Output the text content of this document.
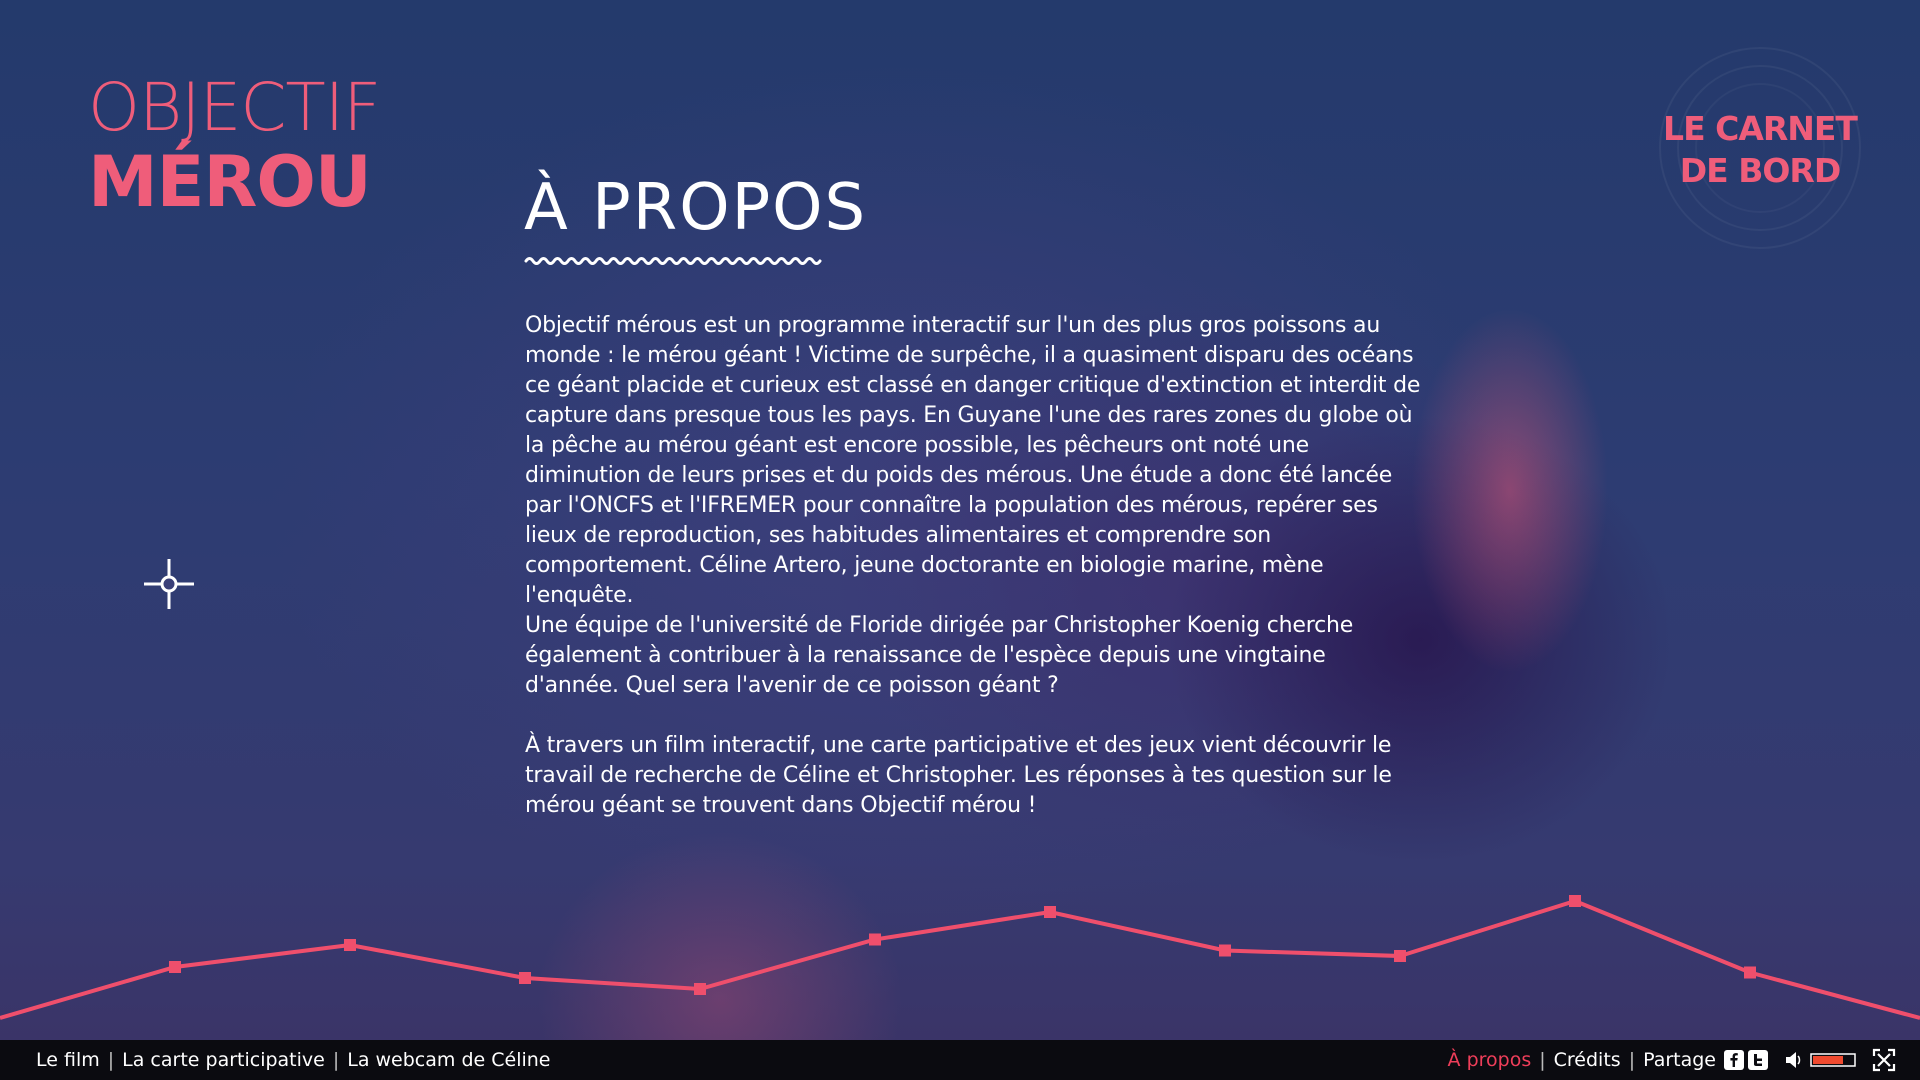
OBJECTIF
MÉROU
LE CARNET
DE BORD
À PROPOS

Objectif mérous est un programme interactif sur l'un des plus gros poissons au monde : le mérou géant ! Victime de surpêche, il a quasiment disparu des océans ce géant placide et curieux est classé en danger critique d'extinction et interdit de capture dans presque tous les pays. En Guyane l'une des rares zones du globe où la pêche au mérou géant est encore possible, les pêcheurs ont noté une diminution de leurs prises et du poids des mérous. Une étude a donc été lancée par l'ONCFS et l'IFREMER pour connaître la population des mérous, repérer ses lieux de reproduction, ses habitudes alimentaires et comprendre son comportement. Céline Artero, jeune doctorante en biologie marine, mène l'enquête.

Une équipe de l'université de Floride dirigée par Christopher Koenig cherche également à contribuer à la renaissance de l'espèce depuis une vingtaine d'année. Quel sera l'avenir de ce poisson géant ?

À travers un film interactif, une carte participative et des jeux vient découvrir le travail de recherche de Céline et Christopher. Les réponses à tes question sur le mérou géant se trouvent dans Objectif mérou !

Le film | La carte participative | La webcam de Céline	À propos | Crédits | Partage
